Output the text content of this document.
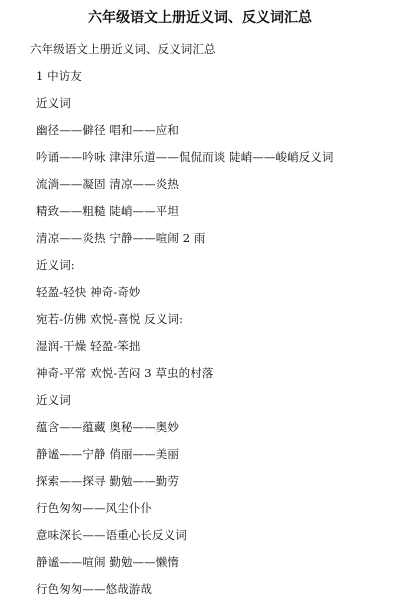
六年级语文上册近义词、反义词汇总
六年级语文上册近义词、反义词汇总
1 中访友
近义词
幽径——僻径 唱和——应和
吟诵——吟咏 津津乐道——侃侃而谈 陡峭——峻峭反义词
流淌——凝固 清凉——炎热
精致——粗糙 陡峭——平坦
清凉——炎热 宁静——喧闹 2 雨
近义词:
轻盈-轻快 神奇-奇妙
宛若-仿佛 欢悦-喜悦 反义词:
湿润-干燥 轻盈-笨拙
神奇-平常 欢悦-苦闷 3 草虫的村落
近义词
蕴含——蕴藏 奥秘——奥妙
静谧——宁静 俏丽——美丽
探索——探寻 勤勉——勤劳
行色匆匆——风尘仆仆
意味深长——语重心长反义词
静谧——喧闹 勤勉——懒惰
行色匆匆——悠哉游哉
